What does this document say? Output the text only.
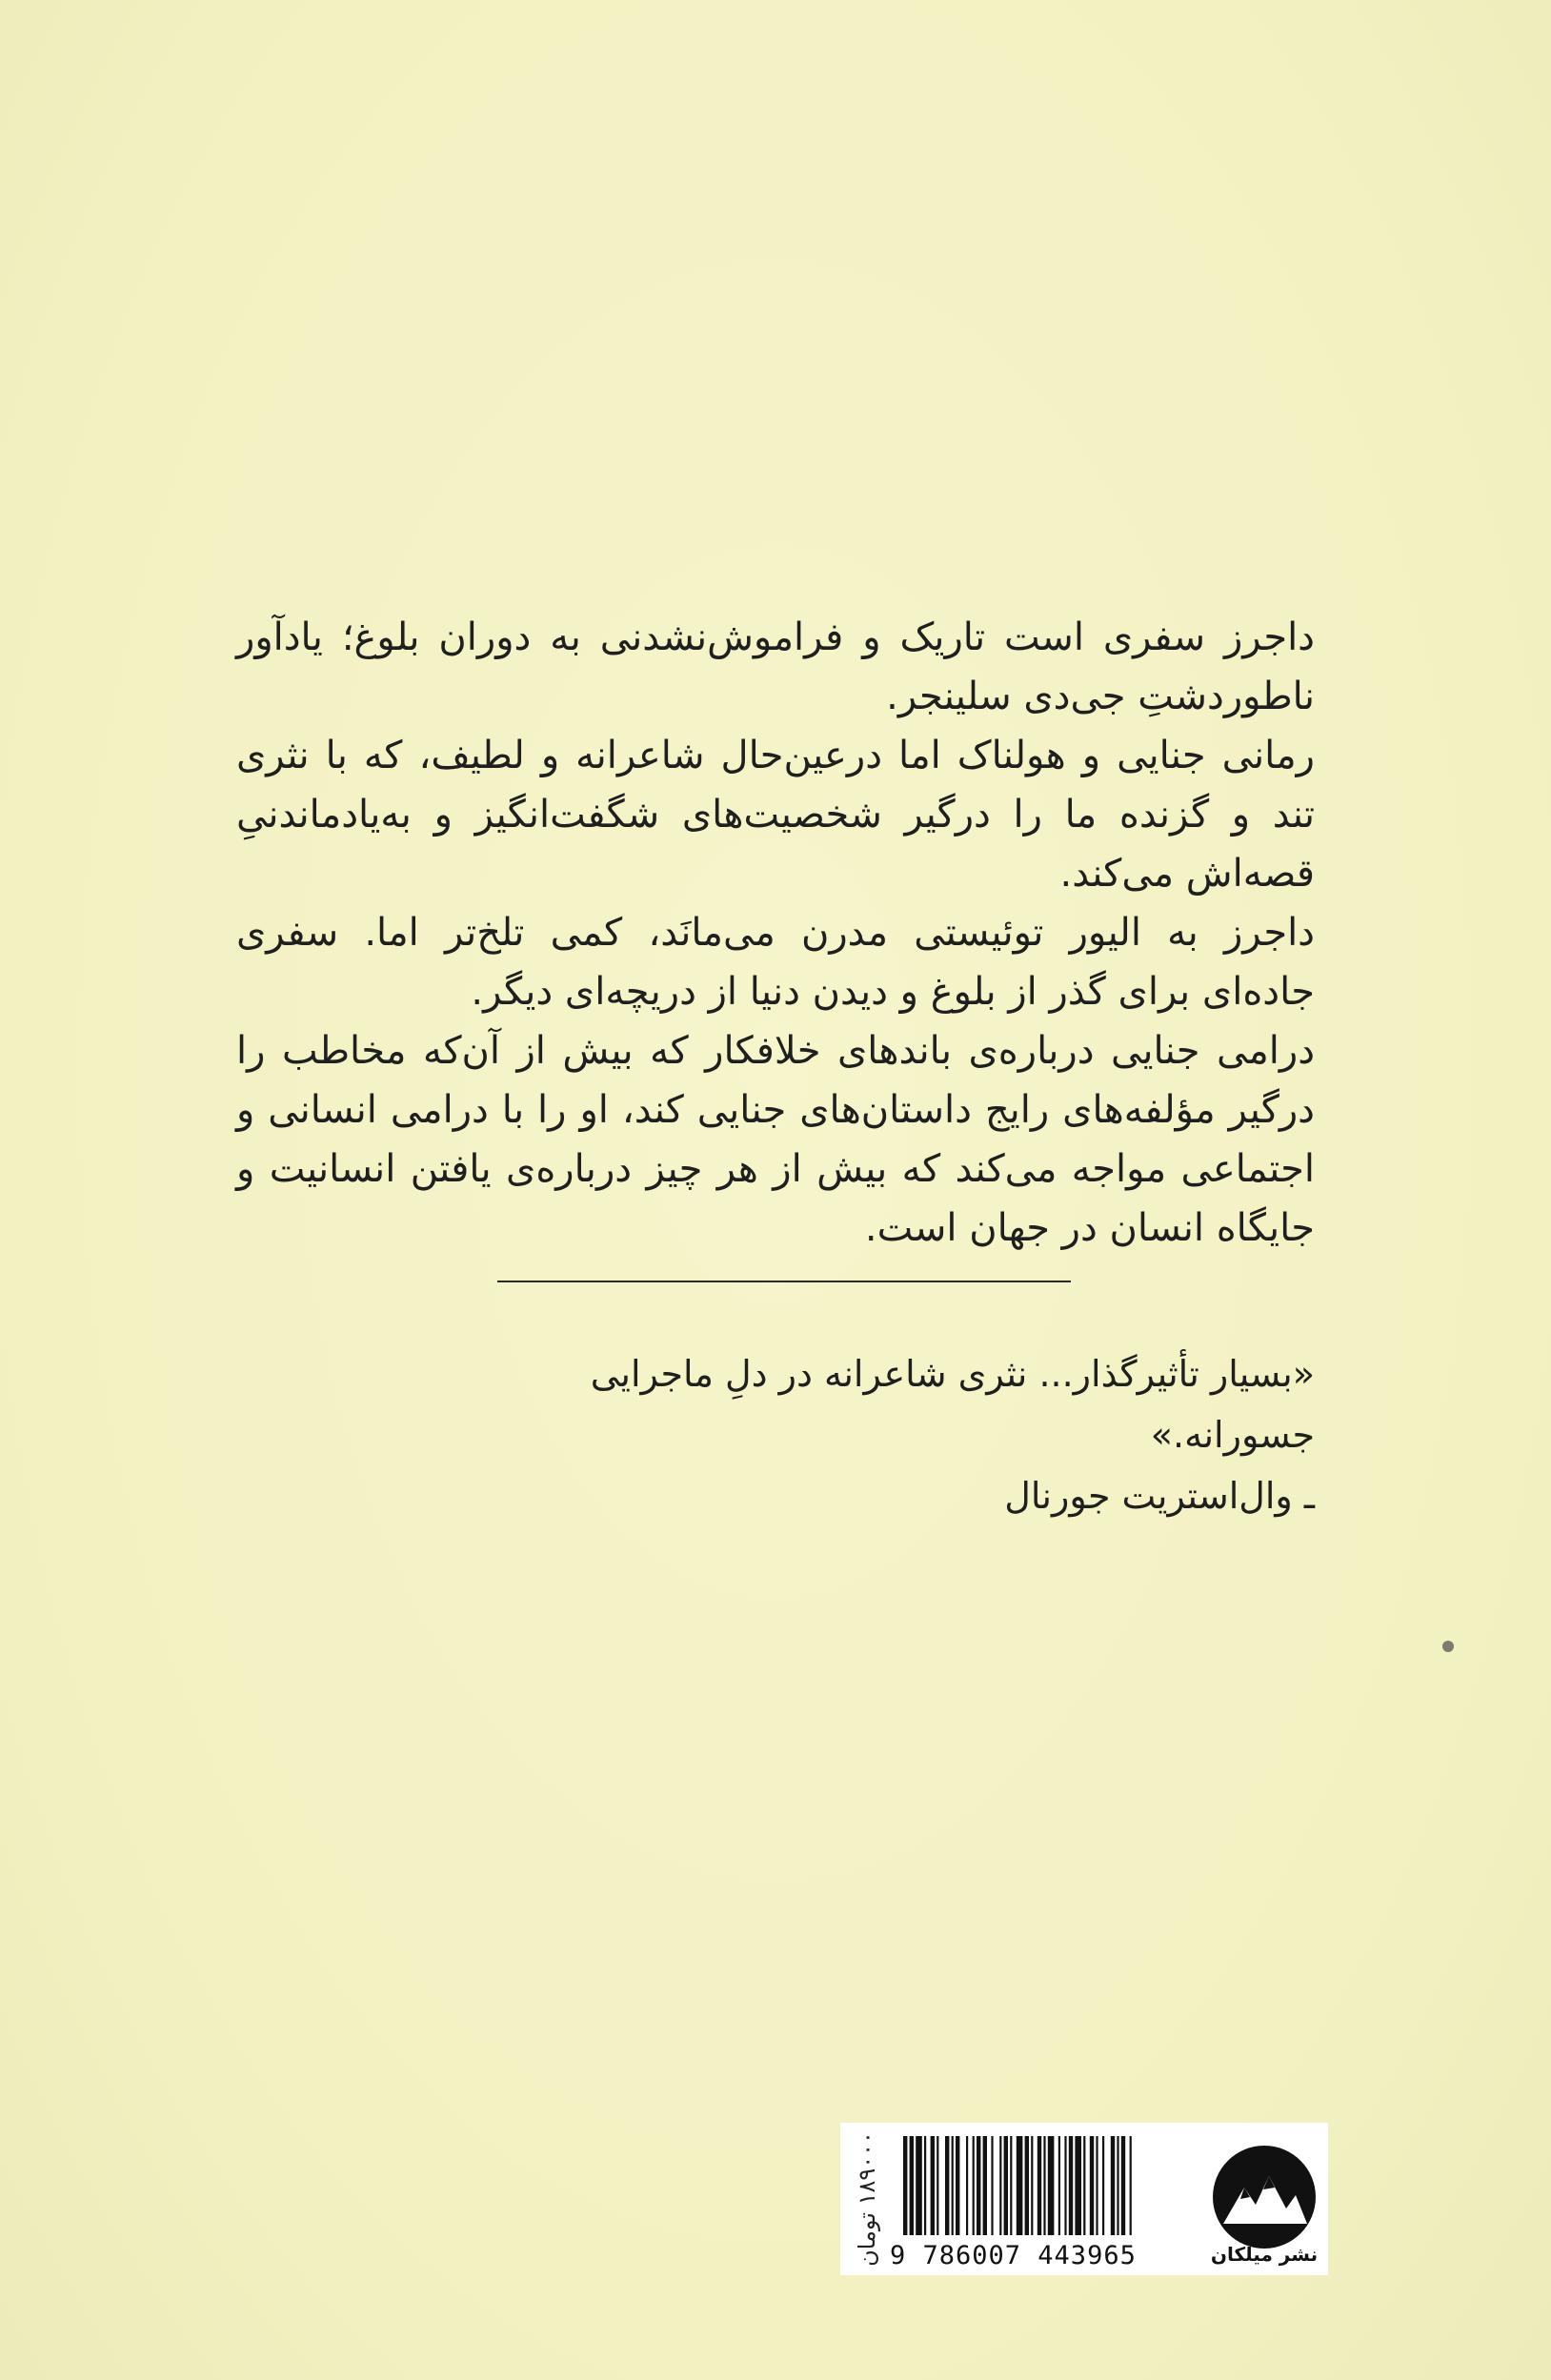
داجرز سفری است تاریک و فراموش‌نشدنی به دوران بلوغ؛ یادآور ناطوردشتِ جی‌دی سلینجر.

رمانی جنایی و هولناک اما درعین‌حال شاعرانه و لطیف، که با نثری تند و گزنده ما را درگیر شخصیت‌های شگفت‌انگیز و به‌یادماندنیِ قصه‌اش می‌کند.

داجرز به الیور توئیستی مدرن می‌مانَد، کمی تلخ‌تر اما. سفری جاده‌ای برای گذر از بلوغ و دیدن دنیا از دریچه‌ای دیگر.

درامی جنایی درباره‌ی باندهای خلافکار که بیش از آن‌که مخاطب را درگیر مؤلفه‌های رایج داستان‌های جنایی کند، او را با درامی انسانی و اجتماعی مواجه می‌کند که بیش از هر چیز درباره‌ی یافتن انسانیت و جایگاه انسان در جهان است.

«بسیار تأثیرگذار... نثری شاعرانه در دلِ ماجرایی جسورانه.»

ـ وال‌استریت جورنال

۱۸۹۰۰۰ تومان
9 786007 443965	نشر میلکان
